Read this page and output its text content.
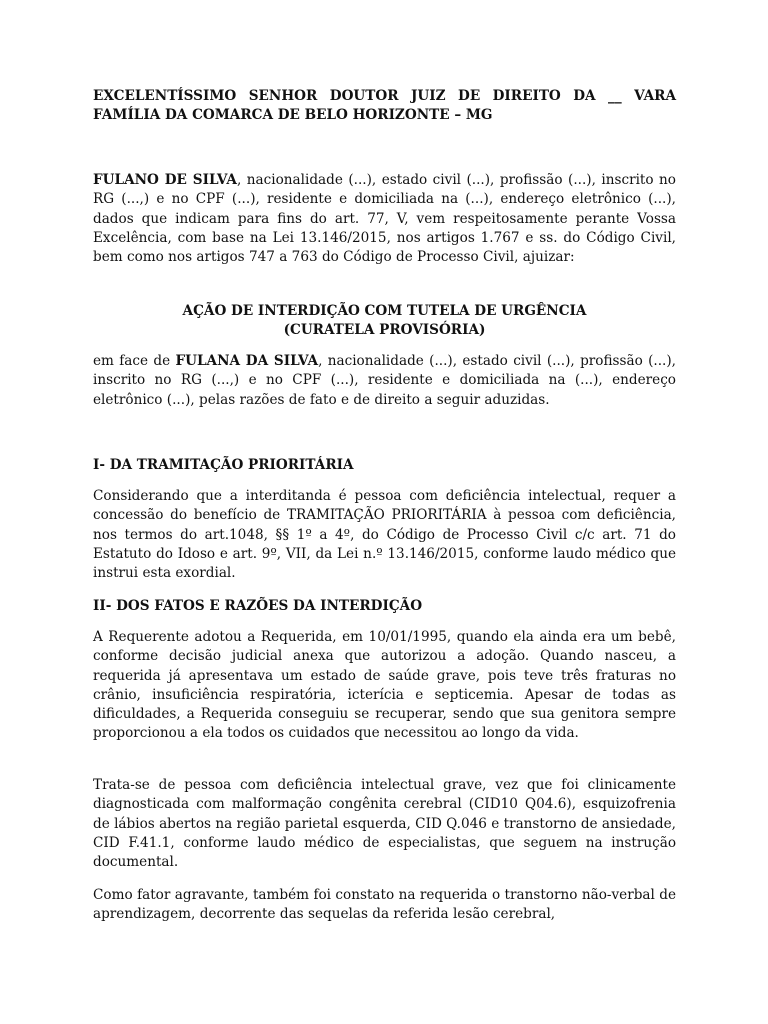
EXCELENTÍSSIMO SENHOR DOUTOR JUIZ DE DIREITO DA __ VARA FAMÍLIA DA COMARCA DE BELO HORIZONTE – MG

FULANO DE SILVA, nacionalidade (...), estado civil (...), profissão (...), inscrito no RG (...,) e no CPF (...), residente e domiciliada na (...), endereço eletrônico (...), dados que indicam para fins do art. 77, V, vem respeitosamente perante Vossa Excelência, com base na Lei 13.146/2015, nos artigos 1.767 e ss. do Código Civil, bem como nos artigos 747 a 763 do Código de Processo Civil, ajuizar:

AÇÃO DE INTERDIÇÃO COM TUTELA DE URGÊNCIA
(CURATELA PROVISÓRIA)

em face de FULANA DA SILVA, nacionalidade (...), estado civil (...), profissão (...), inscrito no RG (...,) e no CPF (...), residente e domiciliada na (...), endereço eletrônico (...), pelas razões de fato e de direito a seguir aduzidas.

I- DA TRAMITAÇÃO PRIORITÁRIA

Considerando que a interditanda é pessoa com deficiência intelectual, requer a concessão do benefício de TRAMITAÇÃO PRIORITÁRIA à pessoa com deficiência, nos termos do art.1048, §§ 1º a 4º, do Código de Processo Civil c/c art. 71 do Estatuto do Idoso e art. 9º, VII, da Lei n.º 13.146/2015, conforme laudo médico que instrui esta exordial.

II- DOS FATOS E RAZÕES DA INTERDIÇÃO

A Requerente adotou a Requerida, em 10/01/1995, quando ela ainda era um bebê, conforme decisão judicial anexa que autorizou a adoção. Quando nasceu, a requerida já apresentava um estado de saúde grave, pois teve três fraturas no crânio, insuficiência respiratória, icterícia e septicemia. Apesar de todas as dificuldades, a Requerida conseguiu se recuperar, sendo que sua genitora sempre proporcionou a ela todos os cuidados que necessitou ao longo da vida.

Trata-se de pessoa com deficiência intelectual grave, vez que foi clinicamente diagnosticada com malformação congênita cerebral (CID10 Q04.6), esquizofrenia de lábios abertos na região parietal esquerda, CID Q.046 e transtorno de ansiedade, CID F.41.1, conforme laudo médico de especialistas, que seguem na instrução documental.

Como fator agravante, também foi constato na requerida o transtorno não-verbal de aprendizagem, decorrente das sequelas da referida lesão cerebral,
